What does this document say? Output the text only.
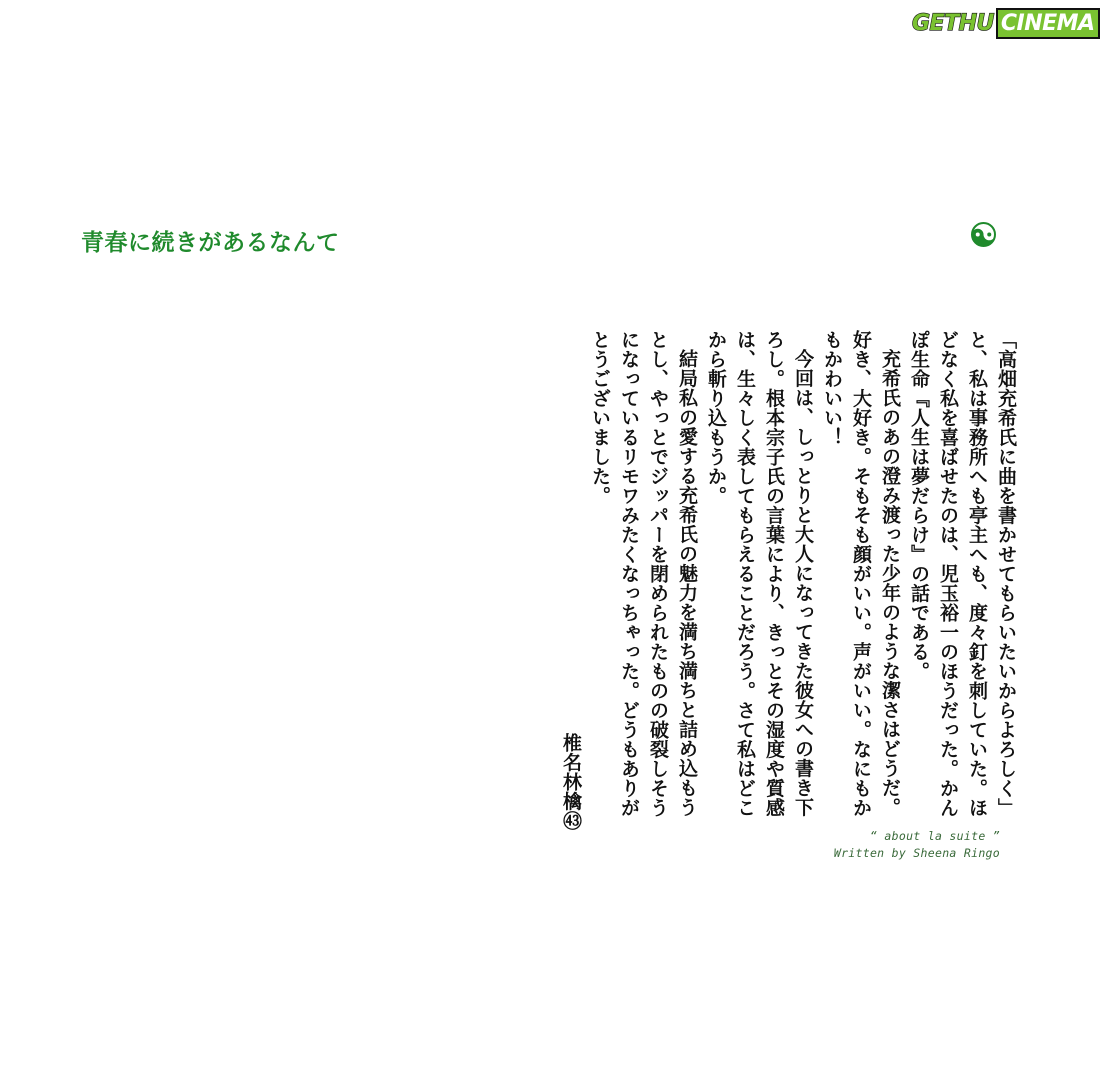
GETHU CINEMA
青春に続きがあるなんて

「高畑充希氏に曲を書かせてもらいたいからよろしく」と、私は事務所へも亭主へも、度々釘を刺していた。ほどなく私を喜ばせたのは、児玉裕一のほうだった。かんぽ生命『人生は夢だらけ』の話である。

充希氏のあの澄み渡った少年のような潔さはどうだ。好き、大好き。そもそも顔がいい。声がいい。なにもかもかわいい！

今回は、しっとりと大人になってきた彼女への書き下ろし。根本宗子氏の言葉により、きっとその湿度や質感は、生々しく表してもらえることだろう。さて私はどこから斬り込もうか。

結局私の愛する充希氏の魅力を満ち満ちと詰め込もうとし、やっとでジッパーを閉められたものの破裂しそうになっているリモワみたくなっちゃった。どうもありがとうございました。

椎名林檎㊸

“ about la suite ”
Written by Sheena Ringo
